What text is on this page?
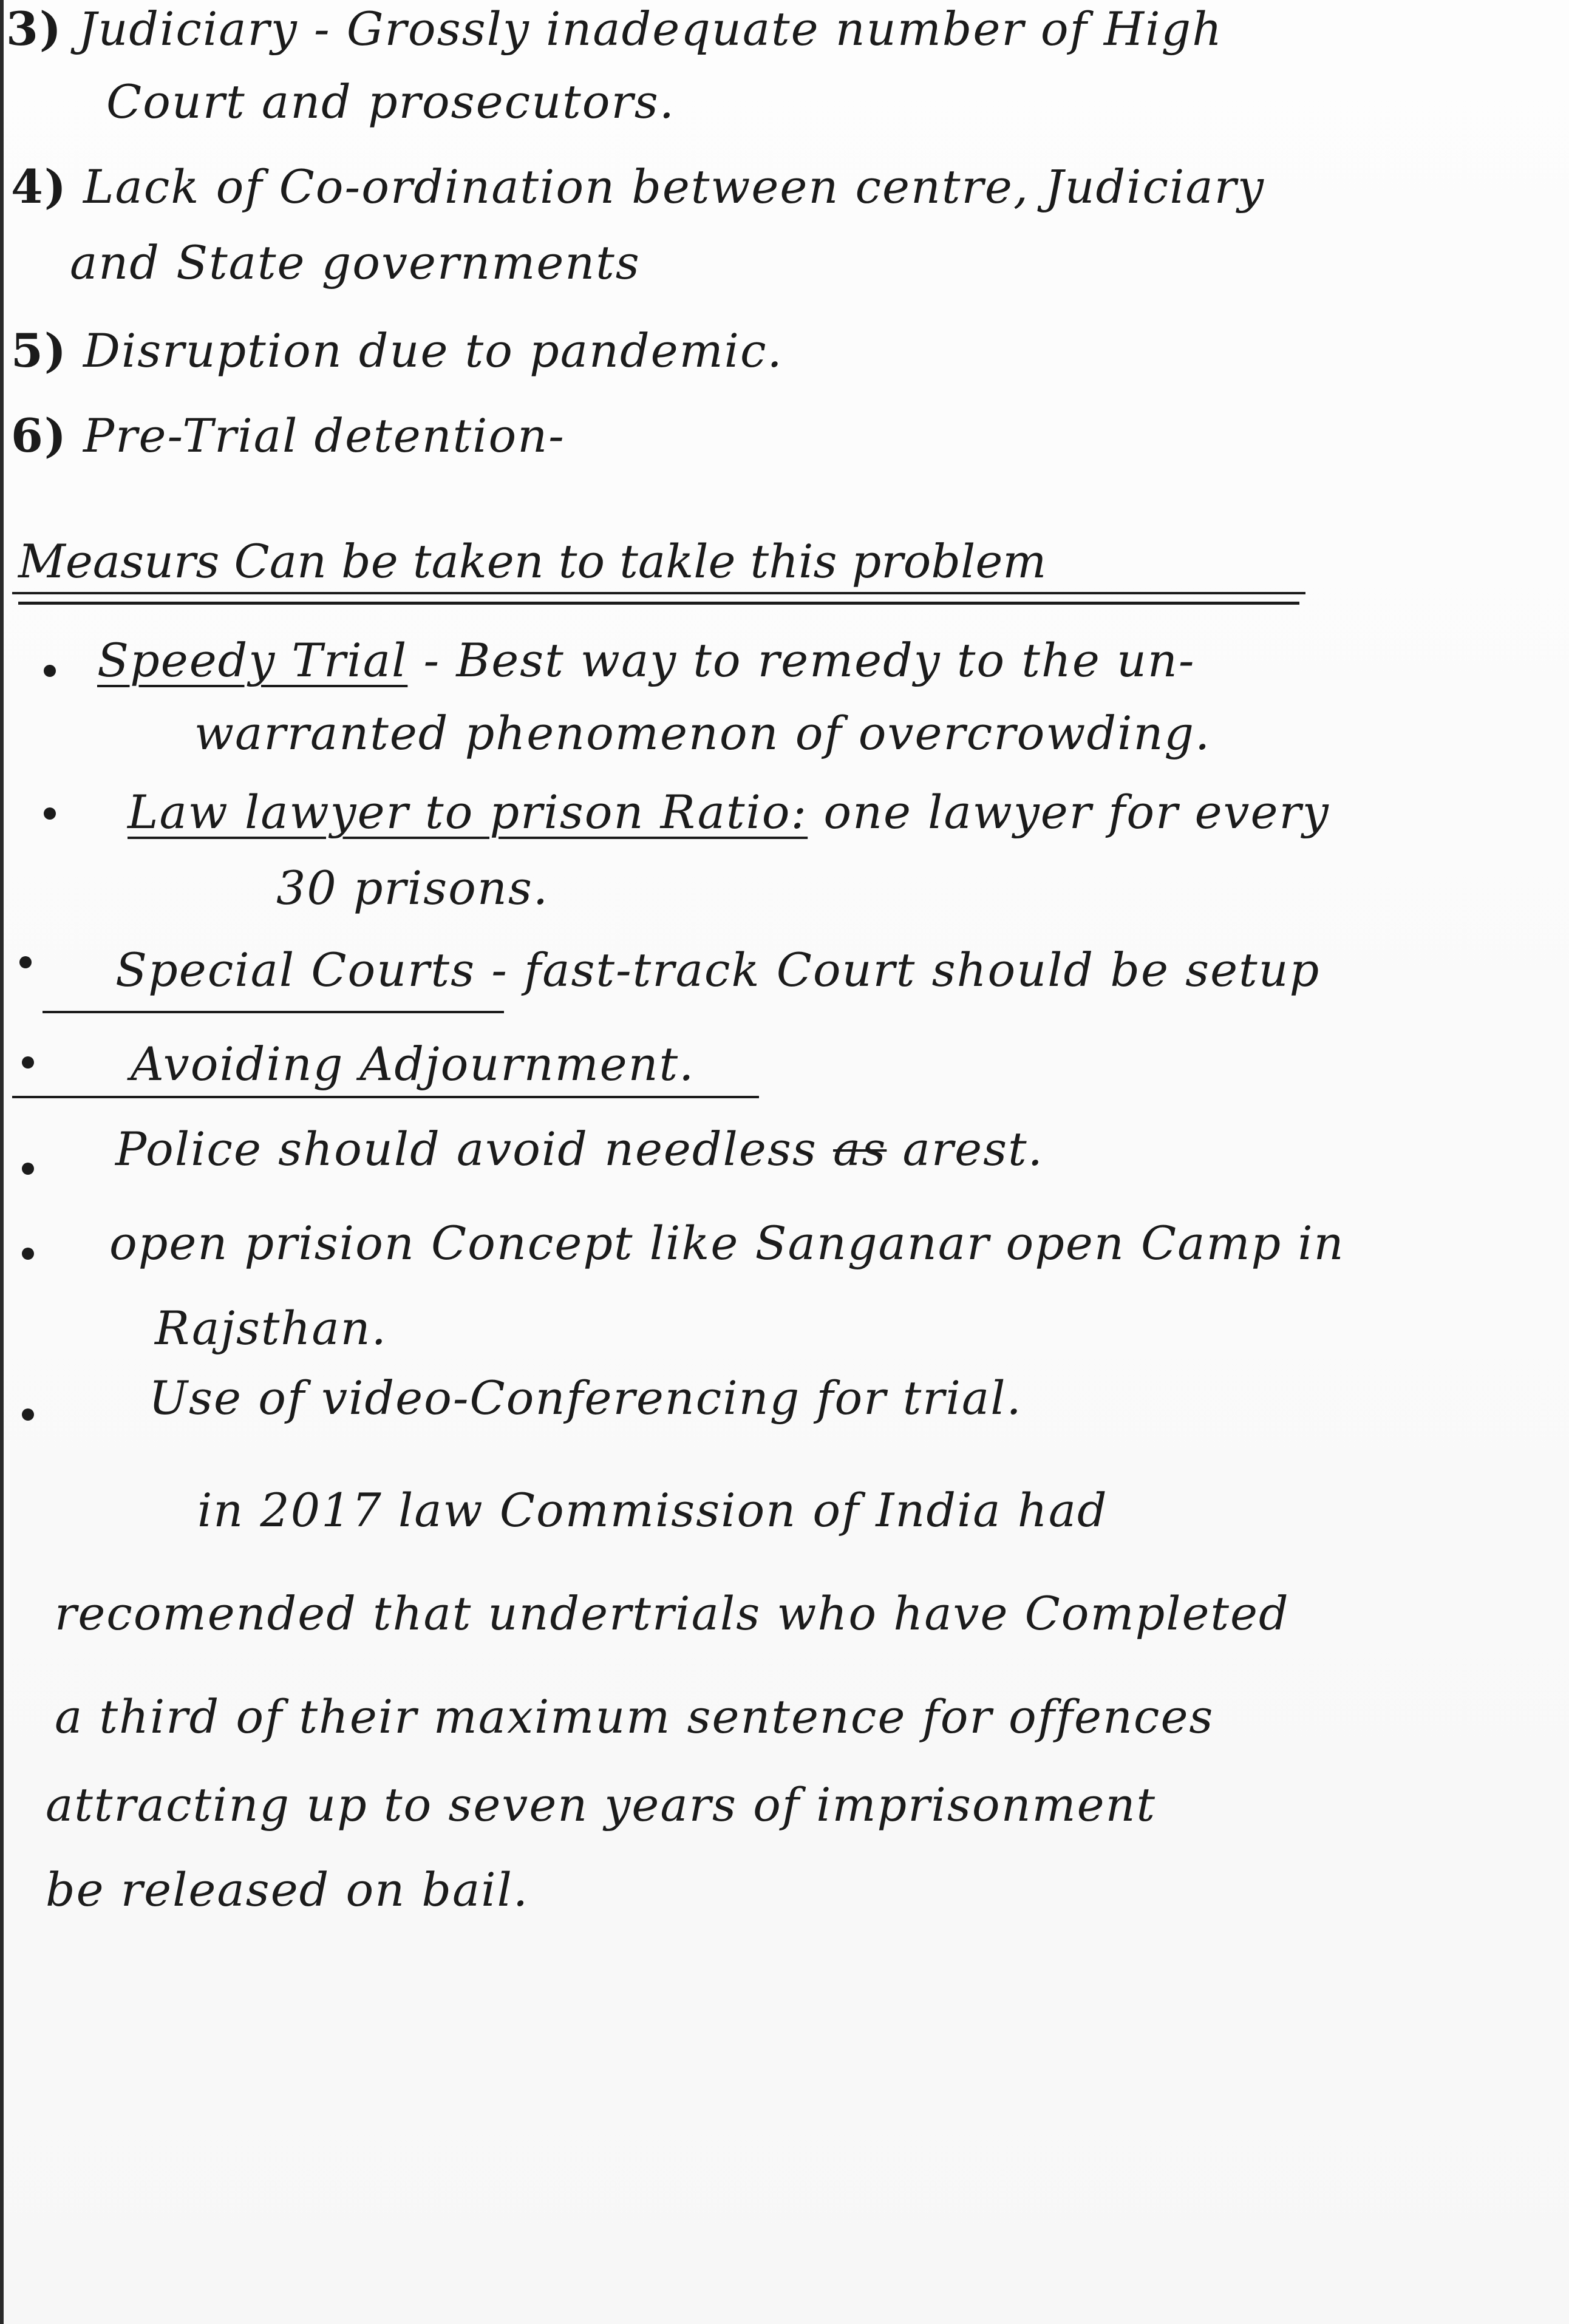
3) Judiciary - Grossly inadequate number of High
Court and prosecutors.
4) Lack of Co-ordination between centre, Judiciary
and State governments
5) Disruption due to pandemic.
6) Pre-Trial detention-
Measurs Can be taken to takle this problem
Speedy Trial - Best way to remedy to the un-
warranted phenomenon of overcrowding.
Law lawyer to prison Ratio: one lawyer for every
30 prisons.
Special Courts - fast-track Court should be setup
Avoiding Adjournment.
Police should avoid needless as arest.
open prision Concept like Sanganar open Camp in
Rajsthan.
Use of video-Conferencing for trial.
in 2017 law Commission of India had
recomended that undertrials who have Completed
a third of their maximum sentence for offences
attracting up to seven years of imprisonment
be released on bail.
